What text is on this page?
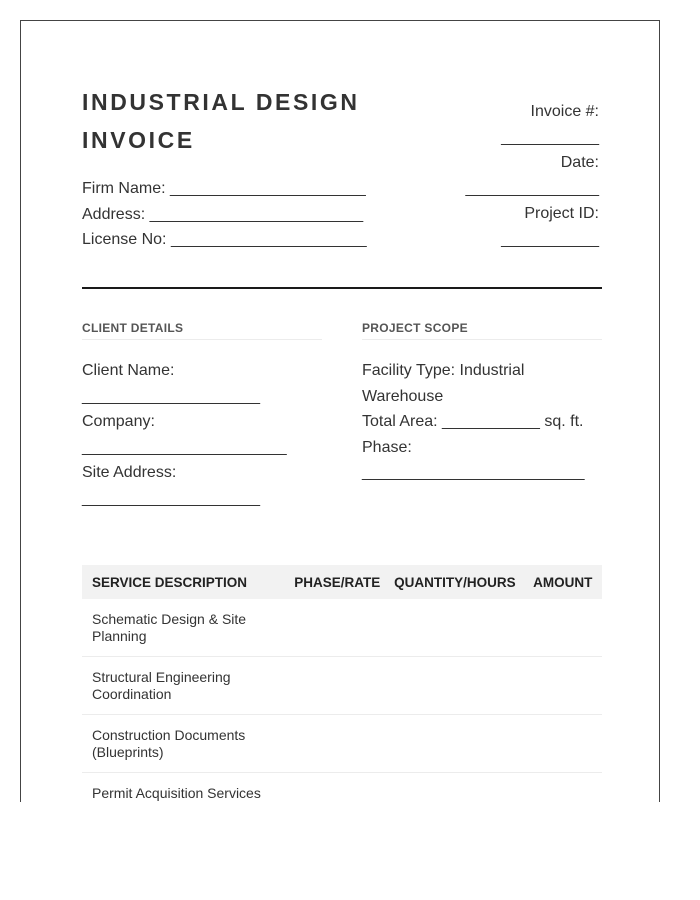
INDUSTRIAL DESIGN INVOICE
Firm Name: ______________________
Address: ________________________
License No: ______________________
Invoice #:
___________
Date:
_______________
Project ID:
___________
CLIENT DETAILS
Client Name:
____________________
Company:
_______________________
Site Address:
____________________
PROJECT SCOPE
Facility Type: Industrial Warehouse
Total Area: ___________ sq. ft.
Phase:
_________________________
SERVICE DESCRIPTION	PHASE/RATE	QUANTITY/HOURS	AMOUNT
Schematic Design & Site Planning
Structural Engineering Coordination
Construction Documents (Blueprints)
Permit Acquisition Services
